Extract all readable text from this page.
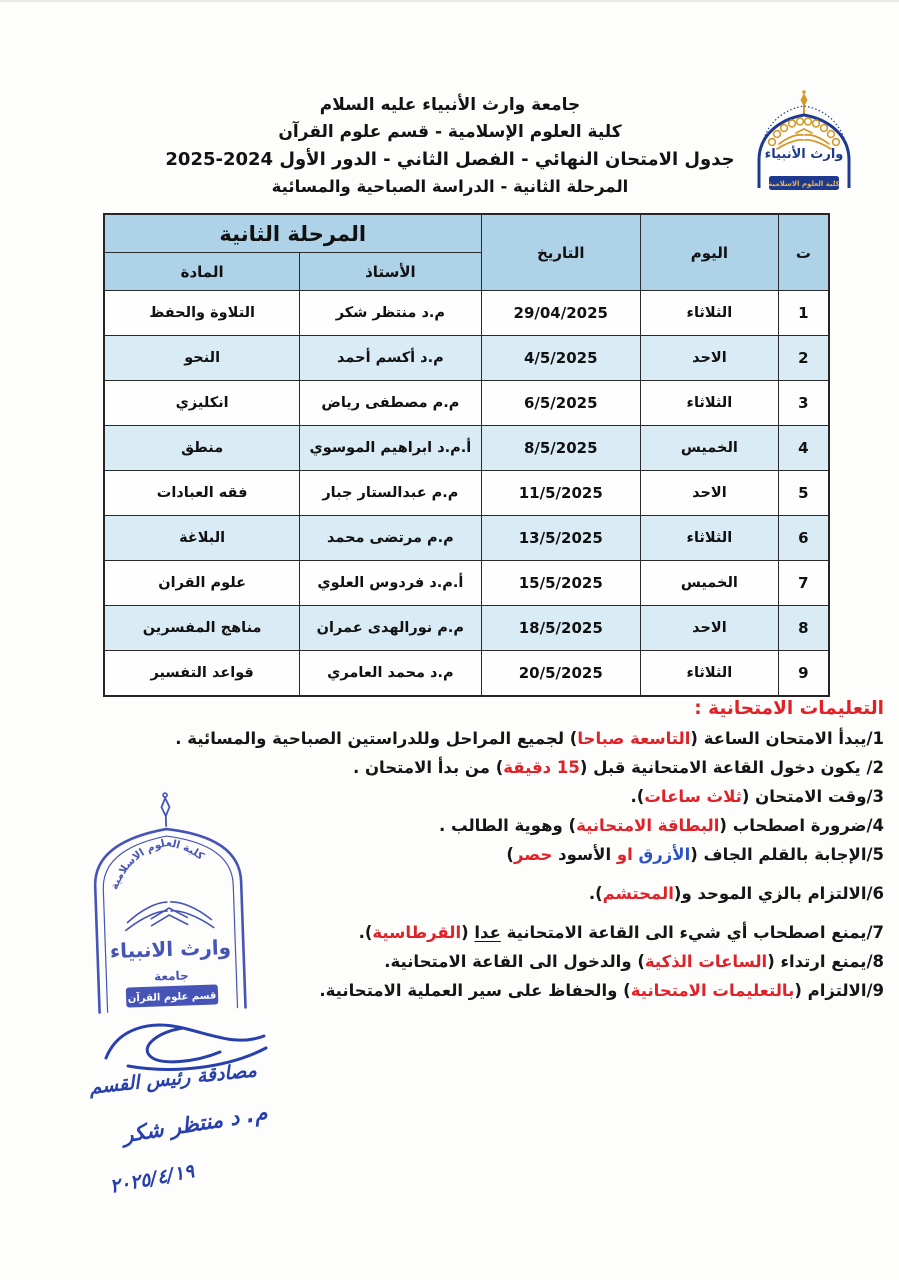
جامعة وارث الأنبياء عليه السلام
كلية العلوم الإسلامية - قسم علوم القرآن
جدول الامتحان النهائي - الفصل الثاني - الدور الأول 2024‏-‏2025
المرحلة الثانية - الدراسة الصباحية والمسائية
وارث الأنبياء
كلية العلوم الاسلامية
ت	اليوم	التاريخ	المرحلة الثانية	
			الأستاذ	المادة
1	الثلاثاء	29/04/2025	م.د منتظر شكر	التلاوة والحفظ
2	الاحد	4/5/2025	م.د أكسم أحمد	النحو
3	الثلاثاء	6/5/2025	م.م مصطفى رياض	انكليزي
4	الخميس	8/5/2025	أ.م.د ابراهيم الموسوي	منطق
5	الاحد	11/5/2025	م.م عبدالستار جبار	فقه العبادات
6	الثلاثاء	13/5/2025	م.م مرتضى محمد	البلاغة
7	الخميس	15/5/2025	أ.م.د فردوس العلوي	علوم القران
8	الاحد	18/5/2025	م.م نورالهدى عمران	مناهج المفسرين
9	الثلاثاء	20/5/2025	م.د محمد العامري	قواعد التفسير
التعليمات الامتحانية :
1/يبدأ الامتحان الساعة (التاسعة صباحا) لجميع المراحل وللدراستين الصباحية والمسائية .
2/ يكون دخول القاعة الامتحانية قبل (15 دقيقة) من بدأ الامتحان .
3/وقت الامتحان (ثلاث ساعات).
4/ضرورة اصطحاب (البطاقة الامتحانية) وهوية الطالب .
5/الإجابة بالقلم الجاف (الأزرق او الأسود حصر)
6/الالتزام بالزي الموحد و(المحتشم).
7/يمنع اصطحاب أي شيء الى القاعة الامتحانية عدا (القرطاسية).
8/يمنع ارتداء (الساعات الذكية) والدخول الى القاعة الامتحانية.
9/الالتزام (بالتعليمات الامتحانية) والحفاظ على سير العملية الامتحانية.
كلية العلوم الاسلامية
وارث الانبياء
جامعة
قسم علوم القرآن
مصادقة رئيس القسم
م. د منتظر شكر
١٩‏/‏٤‏/‏٢٠٢٥
